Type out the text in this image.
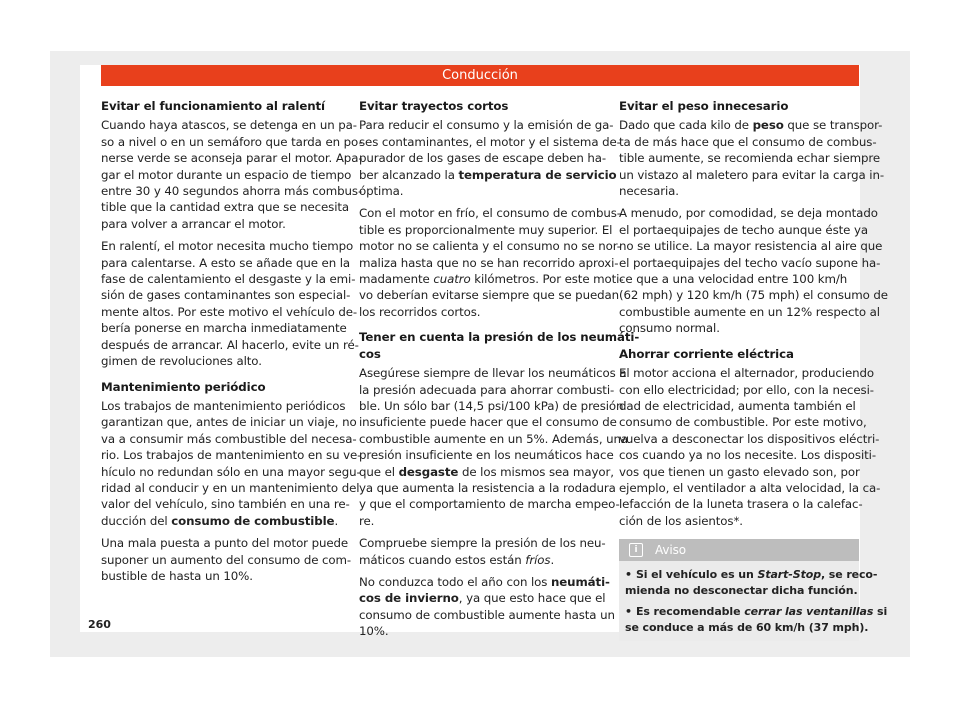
Conducción
Evitar el funcionamiento al ralentí
Cuando haya atascos, se detenga en un pa-
so a nivel o en un semáforo que tarda en po-
nerse verde se aconseja parar el motor. Apa-
gar el motor durante un espacio de tiempo
entre 30 y 40 segundos ahorra más combus-
tible que la cantidad extra que se necesita
para volver a arrancar el motor.
En ralentí, el motor necesita mucho tiempo
para calentarse. A esto se añade que en la
fase de calentamiento el desgaste y la emi-
sión de gases contaminantes son especial-
mente altos. Por este motivo el vehículo de-
bería ponerse en marcha inmediatamente
después de arrancar. Al hacerlo, evite un ré-
gimen de revoluciones alto.
Mantenimiento periódico
Los trabajos de mantenimiento periódicos
garantizan que, antes de iniciar un viaje, no
va a consumir más combustible del necesa-
rio. Los trabajos de mantenimiento en su ve-
hículo no redundan sólo en una mayor segu-
ridad al conducir y en un mantenimiento del
valor del vehículo, sino también en una re-
ducción del consumo de combustible.
Una mala puesta a punto del motor puede
suponer un aumento del consumo de com-
bustible de hasta un 10%.
Evitar trayectos cortos
Para reducir el consumo y la emisión de ga-
ses contaminantes, el motor y el sistema de-
purador de los gases de escape deben ha-
ber alcanzado la temperatura de servicio
óptima.
Con el motor en frío, el consumo de combus-
tible es proporcionalmente muy superior. El
motor no se calienta y el consumo no se nor-
maliza hasta que no se han recorrido aproxi-
madamente cuatro kilómetros. Por este moti-
vo deberían evitarse siempre que se puedan
los recorridos cortos.
Tener en cuenta la presión de los neumáti-
cos
Asegúrese siempre de llevar los neumáticos a
la presión adecuada para ahorrar combusti-
ble. Un sólo bar (14,5 psi/100 kPa) de presión
insuficiente puede hacer que el consumo de
combustible aumente en un 5%. Además, una
presión insuficiente en los neumáticos hace
que el desgaste de los mismos sea mayor,
ya que aumenta la resistencia a la rodadura
y que el comportamiento de marcha empeo-
re.
Compruebe siempre la presión de los neu-
máticos cuando estos están fríos.
No conduzca todo el año con los neumáti-
cos de invierno, ya que esto hace que el
consumo de combustible aumente hasta un
10%.
Evitar el peso innecesario
Dado que cada kilo de peso que se transpor-
ta de más hace que el consumo de combus-
tible aumente, se recomienda echar siempre
un vistazo al maletero para evitar la carga in-
necesaria.
A menudo, por comodidad, se deja montado
el portaequipajes de techo aunque éste ya
no se utilice. La mayor resistencia al aire que
el portaequipajes del techo vacío supone ha-
ce que a una velocidad entre 100 km/h
(62 mph) y 120 km/h (75 mph) el consumo de
combustible aumente en un 12% respecto al
consumo normal.
Ahorrar corriente eléctrica
El motor acciona el alternador, produciendo
con ello electricidad; por ello, con la necesi-
dad de electricidad, aumenta también el
consumo de combustible. Por este motivo,
vuelva a desconectar los dispositivos eléctri-
cos cuando ya no los necesite. Los dispositi-
vos que tienen un gasto elevado son, por
ejemplo, el ventilador a alta velocidad, la ca-
lefacción de la luneta trasera o la calefac-
ción de los asientos*.
i	Aviso
• Si el vehículo es un Start-Stop, se reco-
mienda no desconectar dicha función.
• Es recomendable cerrar las ventanillas si
se conduce a más de 60 km/h (37 mph).
260
